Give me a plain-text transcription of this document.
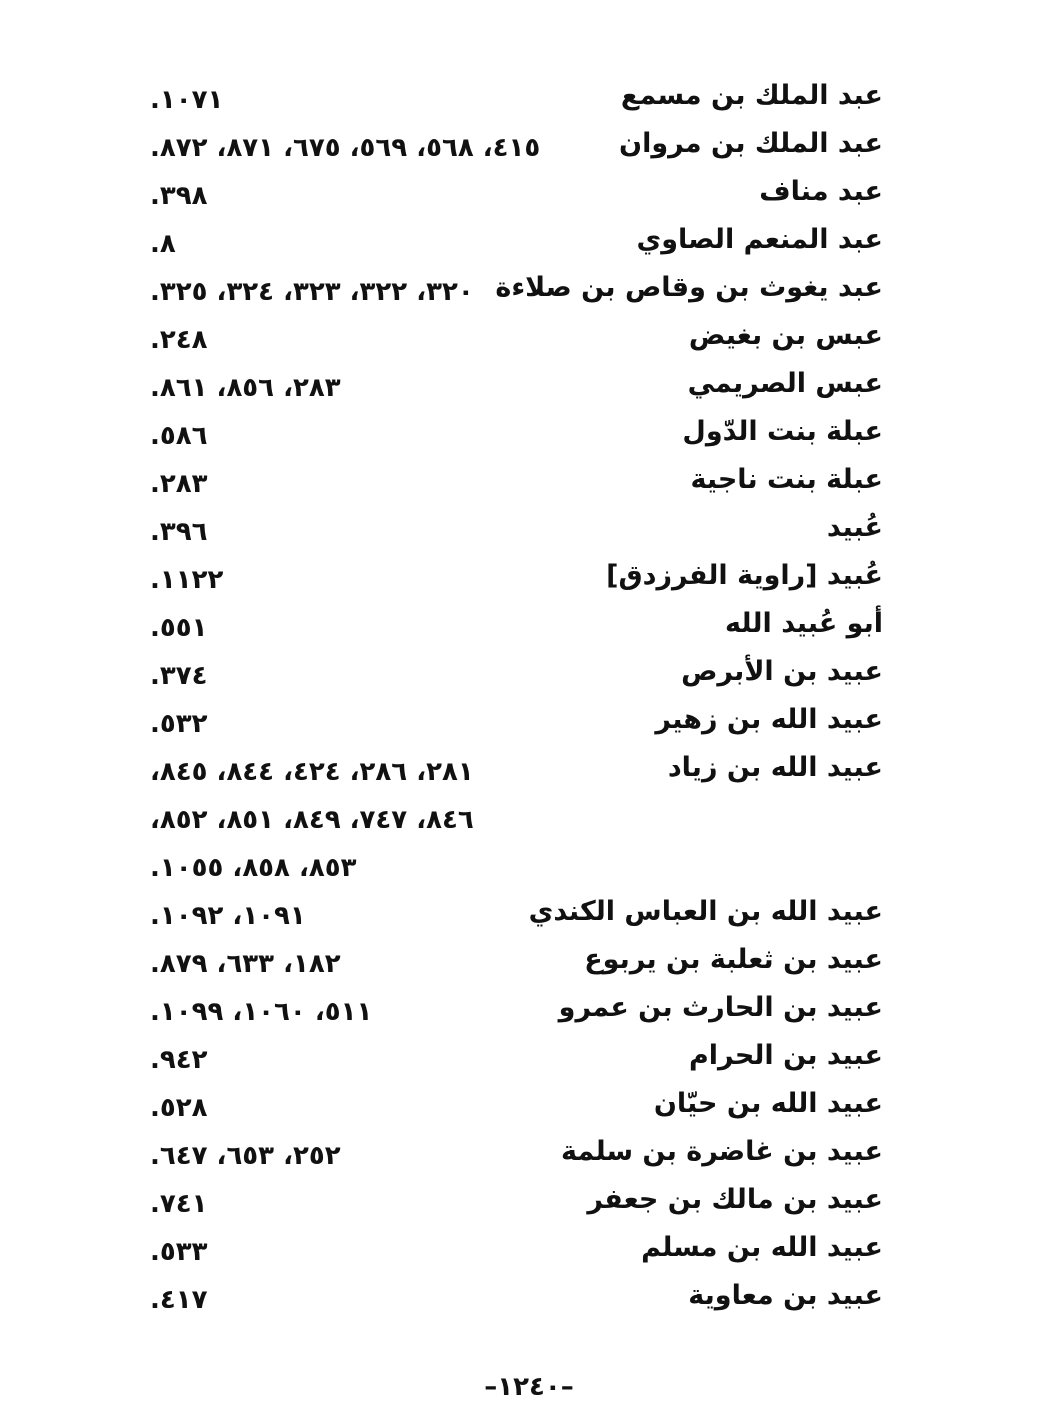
عبد الملك بن مسمع
١٠٧١.
عبد الملك بن مروان
٤١٥، ٥٦٨، ٥٦٩، ٦٧٥، ٨٧١، ٨٧٢.
عبد مناف
٣٩٨.
عبد المنعم الصاوي
٨.
عبد يغوث بن وقاص بن صلاءة
٣٢٠، ٣٢٢، ٣٢٣، ٣٢٤، ٣٢٥.
عبس بن بغيض
٢٤٨.
عبس الصريمي
٢٨٣، ٨٥٦، ٨٦١.
عبلة بنت الدّول
٥٨٦.
عبلة بنت ناجية
٢٨٣.
عُبيد
٣٩٦.
عُبيد [راوية الفرزدق]
١١٢٢.
أبو عُبيد الله
٥٥١.
عبيد بن الأبرص
٣٧٤.
عبيد الله بن زهير
٥٣٢.
عبيد الله بن زياد
٢٨١، ٢٨٦، ٤٢٤، ٨٤٤، ٨٤٥،
٨٤٦، ٧٤٧، ٨٤٩، ٨٥١، ٨٥٢،
٨٥٣، ٨٥٨، ١٠٥٥.
عبيد الله بن العباس الكندي
١٠٩١، ١٠٩٢.
عبيد بن ثعلبة بن يربوع
١٨٢، ٦٣٣، ٨٧٩.
عبيد بن الحارث بن عمرو
٥١١، ١٠٦٠، ١٠٩٩.
عبيد بن الحرام
٩٤٢.
عبيد الله بن حيّان
٥٢٨.
عبيد بن غاضرة بن سلمة
٢٥٢، ٦٥٣، ٦٤٧.
عبيد بن مالك بن جعفر
٧٤١.
عبيد الله بن مسلم
٥٣٣.
عبيد بن معاوية
٤١٧.
–١٢٤٠–
